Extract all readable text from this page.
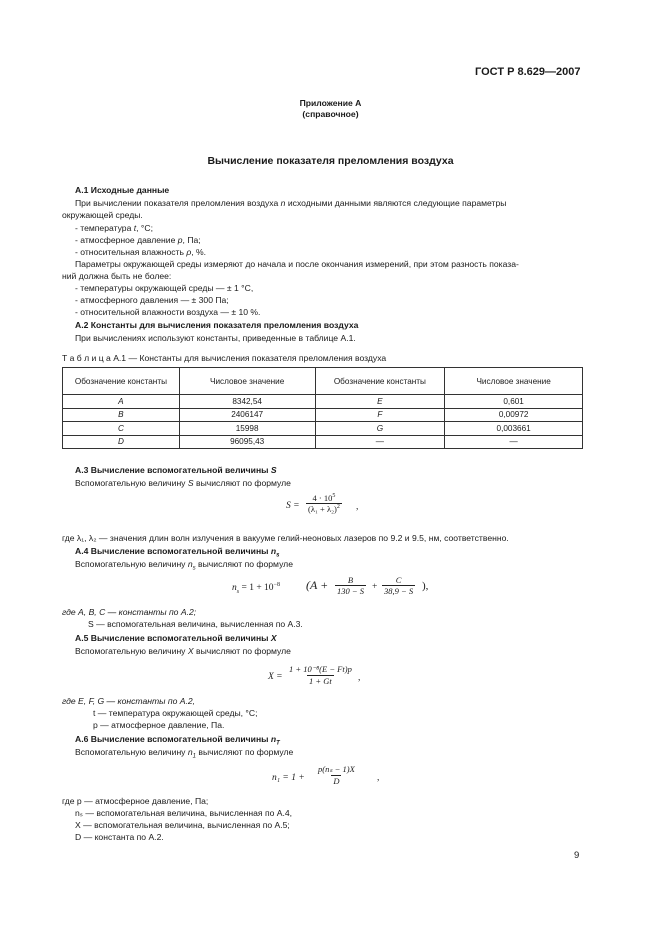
ГОСТ Р 8.629—2007
Приложение А
(справочное)
Вычисление показателя преломления воздуха
А.1 Исходные данные
При вычислении показателя преломления воздуха n исходными данными являются следующие параметры
окружающей среды.
- температура t, °С;
- атмосферное давление p, Па;
- относительная влажность ρ, %.
Параметры окружающей среды измеряют до начала и после окончания измерений, при этом разность показа-
ний должна быть не более:
- температуры окружающей среды — ± 1 °С,
- атмосферного давления — ± 300 Па;
- относительной влажности воздуха — ± 10 %.
А.2 Константы для вычисления показателя преломления воздуха
При вычислениях используют константы, приведенные в таблице А.1.
Т а б л и ц а А.1 — Константы для вычисления показателя преломления воздуха
Обозначение константы	Числовое значение	Обозначение константы	Числовое значение
A	8342,54	E	0,601
B	2406147	F	0,00972
C	15998	G	0,003661
D	96095,43	—	—
А.3 Вычисление вспомогательной величины S
Вспомогательную величину S вычисляют по формуле
$S = \frac{4 \cdot 10^5}{(\lambda_1 + \lambda_2)^2}$ ,
где λ₁, λ₂ — значения длин волн излучения в вакууме гелий-неоновых лазеров по 9.2 и 9.5, нм, соответственно.
А.4 Вычисление вспомогательной величины $n_s$
Вспомогательную величину $n_s$ вычисляют по формуле
$n_s = 1 + 10^{-8}$ ($A + \frac{B}{130 - S} + \frac{C}{38,9 - S}$ ),
где A, B, C — константы по А.2;
S — вспомогательная величина, вычисленная по А.3.
А.5 Вычисление вспомогательной величины X
Вспомогательную величину X вычисляют по формуле
$X = \frac{\text{1 + 10⁻⁸(E − Ft)p}}{1 + Gt}$ ,
где E, F, G — константы по А.2,
t — температура окружающей среды, °С;
p — атмосферное давление, Па.
А.6 Вычисление вспомогательной величины $n_T$
Вспомогательную величину $n_1$ вычисляют по формуле
$n_1 = 1 + \frac{\text{p(nₛ − 1)X}}{D}$ ,
где p — атмосферное давление, Па;
nₛ — вспомогательная величина, вычисленная по А.4,
X — вспомогательная величина, вычисленная по А.5;
D — константа по А.2.
9
